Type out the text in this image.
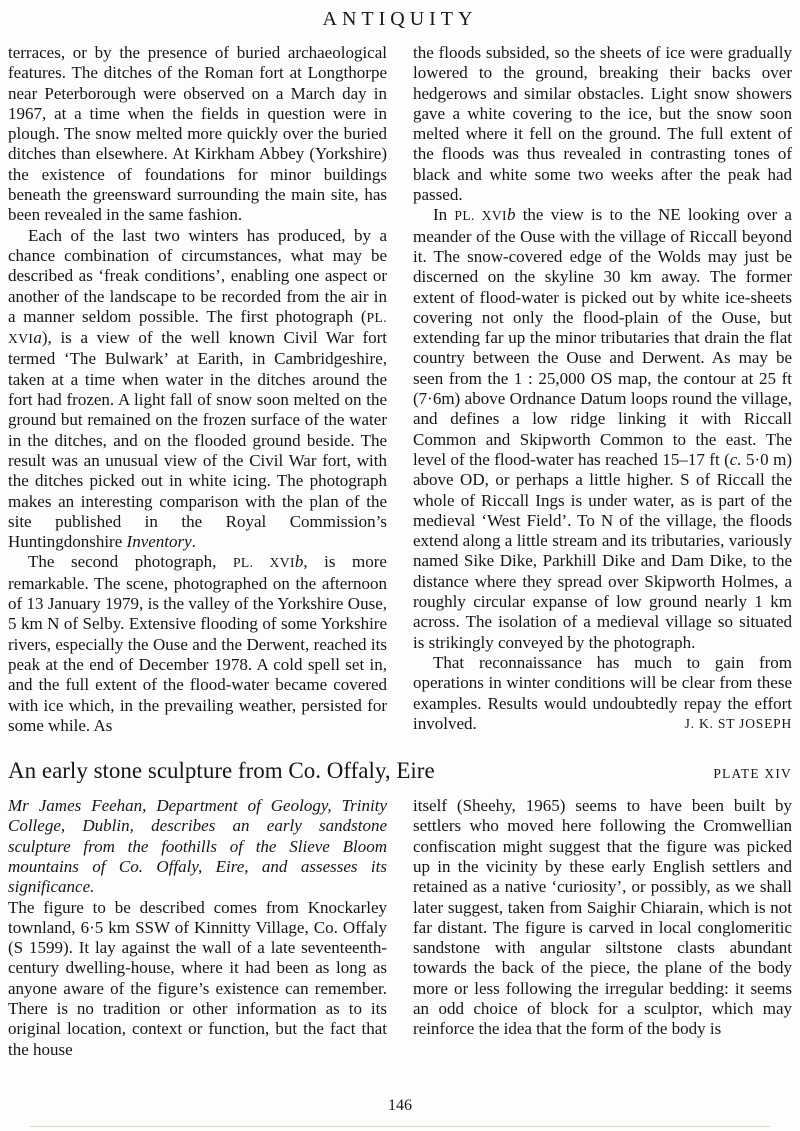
ANTIQUITY

terraces, or by the presence of buried archaeological features. The ditches of the Roman fort at Longthorpe near Peterborough were observed on a March day in 1967, at a time when the fields in question were in plough. The snow melted more quickly over the buried ditches than elsewhere. At Kirkham Abbey (Yorkshire) the existence of foundations for minor buildings beneath the greensward surrounding the main site, has been revealed in the same fashion.

Each of the last two winters has produced, by a chance combination of circumstances, what may be described as ‘freak conditions’, enabling one aspect or another of the landscape to be recorded from the air in a manner seldom possible. The first photograph (PL. XVIa), is a view of the well known Civil War fort termed ‘The Bulwark’ at Earith, in Cambridgeshire, taken at a time when water in the ditches around the fort had frozen. A light fall of snow soon melted on the ground but remained on the frozen surface of the water in the ditches, and on the flooded ground beside. The result was an unusual view of the Civil War fort, with the ditches picked out in white icing. The photograph makes an interesting comparison with the plan of the site published in the Royal Commission’s Huntingdonshire Inventory.

The second photograph, PL. XVIb, is more remarkable. The scene, photographed on the afternoon of 13 January 1979, is the valley of the Yorkshire Ouse, 5 km N of Selby. Extensive flooding of some Yorkshire rivers, especially the Ouse and the Derwent, reached its peak at the end of December 1978. A cold spell set in, and the full extent of the flood-water became covered with ice which, in the prevailing weather, persisted for some while. As

the floods subsided, so the sheets of ice were gradually lowered to the ground, breaking their backs over hedgerows and similar obstacles. Light snow showers gave a white covering to the ice, but the snow soon melted where it fell on the ground. The full extent of the floods was thus revealed in contrasting tones of black and white some two weeks after the peak had passed.

In PL. XVIb the view is to the NE looking over a meander of the Ouse with the village of Riccall beyond it. The snow-covered edge of the Wolds may just be discerned on the skyline 30 km away. The former extent of flood-water is picked out by white ice-sheets covering not only the flood-plain of the Ouse, but extending far up the minor tributaries that drain the flat country between the Ouse and Derwent. As may be seen from the 1 : 25,000 OS map, the contour at 25 ft (7·6m) above Ordnance Datum loops round the village, and defines a low ridge linking it with Riccall Common and Skipworth Common to the east. The level of the flood-water has reached 15–17 ft (c. 5·0 m) above OD, or perhaps a little higher. S of Riccall the whole of Riccall Ings is under water, as is part of the medieval ‘West Field’. To N of the village, the floods extend along a little stream and its tributaries, variously named Sike Dike, Parkhill Dike and Dam Dike, to the distance where they spread over Skipworth Holmes, a roughly circular expanse of low ground nearly 1 km across. The isolation of a medieval village so situated is strikingly conveyed by the photograph.

That reconnaissance has much to gain from operations in winter conditions will be clear from these examples. Results would undoubtedly repay the effort involved.	J. K. ST JOSEPH

An early stone sculpture from Co. Offaly, Eire	PLATE XIV

Mr James Feehan, Department of Geology, Trinity College, Dublin, describes an early sandstone sculpture from the foothills of the Slieve Bloom mountains of Co. Offaly, Eire, and assesses its significance.

The figure to be described comes from Knockarley townland, 6·5 km SSW of Kinnitty Village, Co. Offaly (S 1599). It lay against the wall of a late seventeenth-century dwelling-house, where it had been as long as anyone aware of the figure’s existence can remember. There is no tradition or other information as to its original location, context or function, but the fact that the house

itself (Sheehy, 1965) seems to have been built by settlers who moved here following the Cromwellian confiscation might suggest that the figure was picked up in the vicinity by these early English settlers and retained as a native ‘curiosity’, or possibly, as we shall later suggest, taken from Saighir Chiarain, which is not far distant. The figure is carved in local conglomeritic sandstone with angular siltstone clasts abundant towards the back of the piece, the plane of the body more or less following the irregular bedding: it seems an odd choice of block for a sculptor, which may reinforce the idea that the form of the body is

146
